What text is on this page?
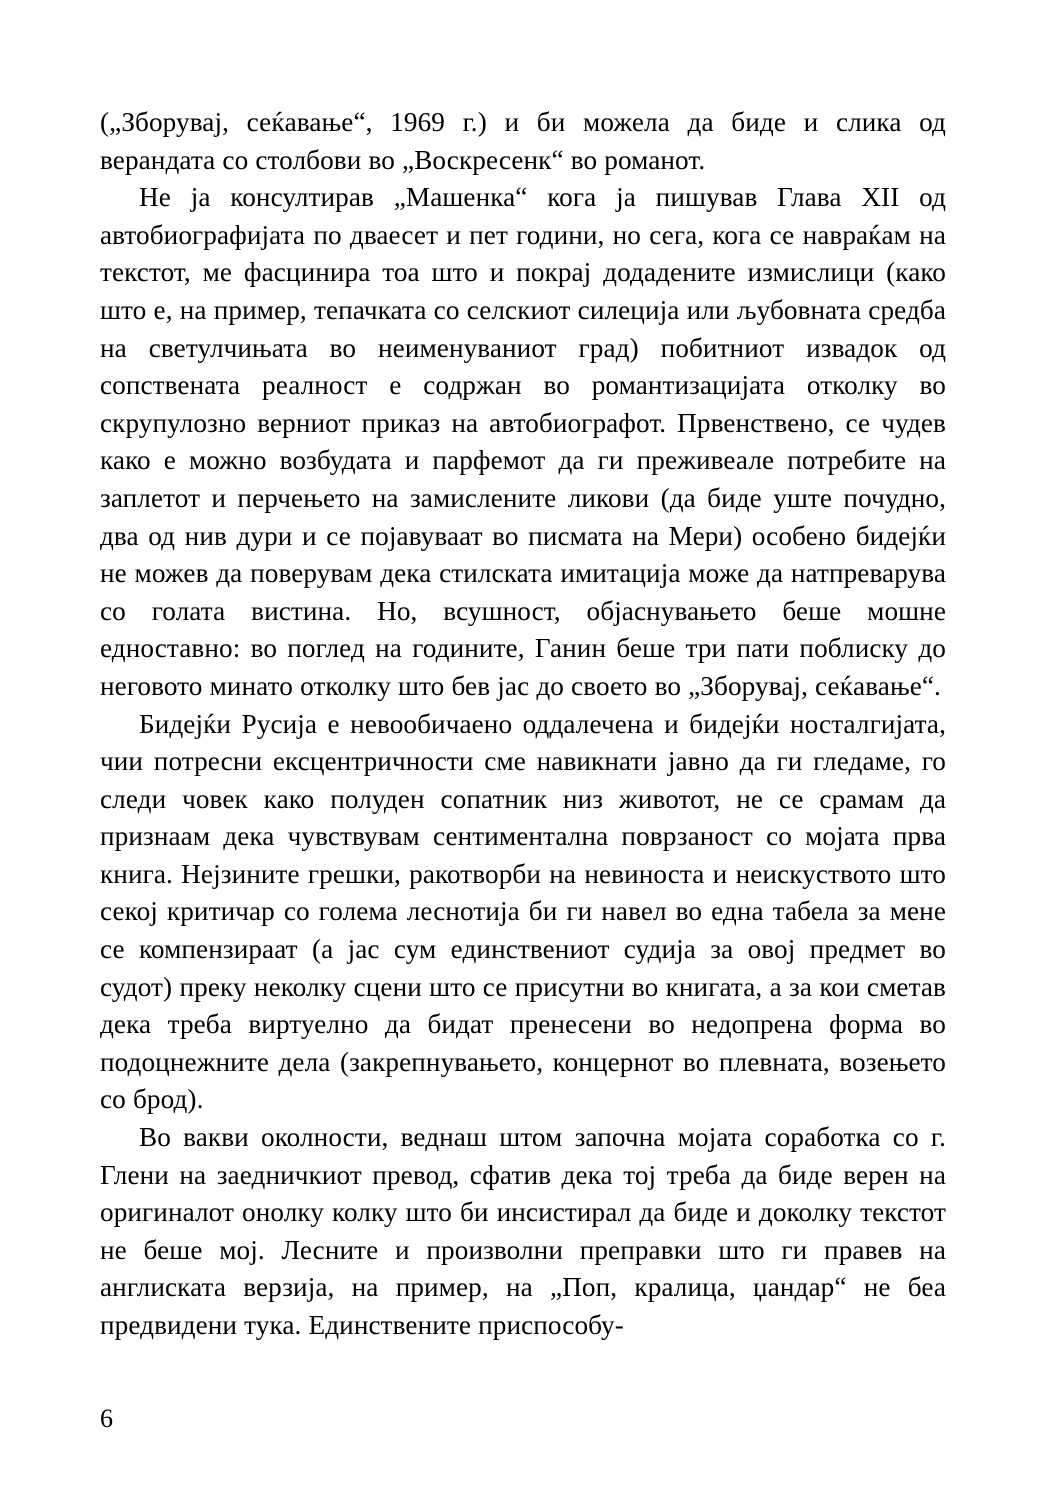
(„Зборувај, сеќавање“, 1969 г.) и би можела да биде и слика од верандата со столбови во „Воскресенк“ во романот.

Не ја консултирав „Машенка“ кога ја пишував Глава XII од автобиографијата по дваесет и пет години, но сега, кога се навраќам на текстот, ме фасцинира тоа што и покрај додадените измислици (како што е, на пример, тепачката со селскиот силеција или љубовната средба на светулчињата во неименуваниот град) побитниот извадок од сопствената реалност е содржан во романтизацијата отколку во скрупулозно верниот приказ на автобиографот. Првенствено, се чудев како е можно возбудата и парфемот да ги преживеале потребите на заплетот и перчењето на замислените ликови (да биде уште почудно, два од нив дури и се појавуваат во писмата на Мери) особено бидејќи не можев да поверувам дека стилската имитација може да натпреварува со голата вистина. Но, всушност, објаснувањето беше мошне едноставно: во поглед на годините, Ганин беше три пати поблиску до неговото минато отколку што бев јас до своето во „Зборувај, сеќавање“.

Бидејќи Русија е невообичаено оддалечена и бидејќи носталгијата, чии потресни ексцентричности сме навикнати јавно да ги гледаме, го следи човек како полуден сопатник низ животот, не се срамам да признаам дека чувствувам сентиментална поврзаност со мојата прва книга. Нејзините грешки, ракотворби на невиноста и неискуството што секој критичар со голема леснотија би ги навел во една табела за мене се компензираат (а јас сум единствениот судија за овој предмет во судот) преку неколку сцени што се присутни во книгата, а за кои сметав дека треба виртуелно да бидат пренесени во недопрена форма во подоцнежните дела (закрепнувањето, концернот во плевната, возењето со брод).

Во вакви околности, веднаш штом започна мојата соработка со г. Глени на заедничкиот превод, сфатив дека тој треба да биде верен на оригиналот онолку колку што би инсистирал да биде и доколку текстот не беше мој. Лесните и произволни преправки што ги правев на англиската верзија, на пример, на „Поп, кралица, џандар“ не беа предвидени тука. Единствените приспособу-

6
